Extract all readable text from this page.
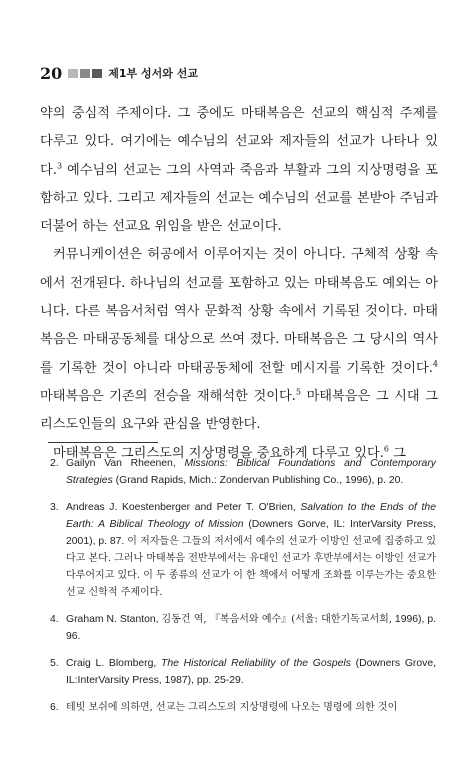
20	제1부 성서와 선교

약의 중심적 주제이다. 그 중에도 마태복음은 선교의 핵심적 주제를 다루고 있다. 여기에는 예수님의 선교와 제자들의 선교가 나타나 있다.$^3$ 예수님의 선교는 그의 사역과 죽음과 부활과 그의 지상명령을 포함하고 있다. 그리고 제자들의 선교는 예수님의 선교를 본받아 주님과 더불어 하는 선교요 위임을 받은 선교이다.

커뮤니케이션은 허공에서 이루어지는 것이 아니다. 구체적 상황 속에서 전개된다. 하나님의 선교를 포함하고 있는 마태복음도 예외는 아니다. 다른 복음서처럼 역사 문화적 상황 속에서 기록된 것이다. 마태복음은 마태공동체를 대상으로 쓰여 졌다. 마태복음은 그 당시의 역사를 기록한 것이 아니라 마태공동체에 전할 메시지를 기록한 것이다.$^4$ 마태복음은 기존의 전승을 재해석한 것이다.$^5$ 마태복음은 그 시대 그리스도인들의 요구와 관심을 반영한다.

마태복음은 그리스도의 지상명령을 중요하게 다루고 있다.$^6$ 그

2. Gailyn Van Rheenen, Missions: Biblical Foundations and Contemporary Strategies (Grand Rapids, Mich.: Zondervan Publishing Co., 1996), p. 20.
3. Andreas J. Koestenberger and Peter T. O'Brien, Salvation to the Ends of the Earth: A Biblical Theology of Mission (Downers Gorve, IL: InterVarsity Press, 2001), p. 87. 이 저자들은 그들의 저서에서 예수의 선교가 이방인 선교에 집중하고 있다고 본다. 그러나 마태복음 전반부에서는 유대인 선교가 후반부에서는 이방인 선교가 다루어지고 있다. 이 두 종류의 선교가 이 한 책에서 어떻게 조화를 이루는가는 중요한 선교 신학적 주제이다.
4. Graham N. Stanton, 김동건 역, 『복음서와 예수』(서울: 대한기독교서회, 1996), p. 96.
5. Craig L. Blomberg, The Historical Reliability of the Gospels (Downers Grove, IL:InterVarsity Press, 1987), pp. 25-29.
6. 테빗 보쉬에 의하면, 선교는 그리스도의 지상명령에 나오는 명령에 의한 것이
